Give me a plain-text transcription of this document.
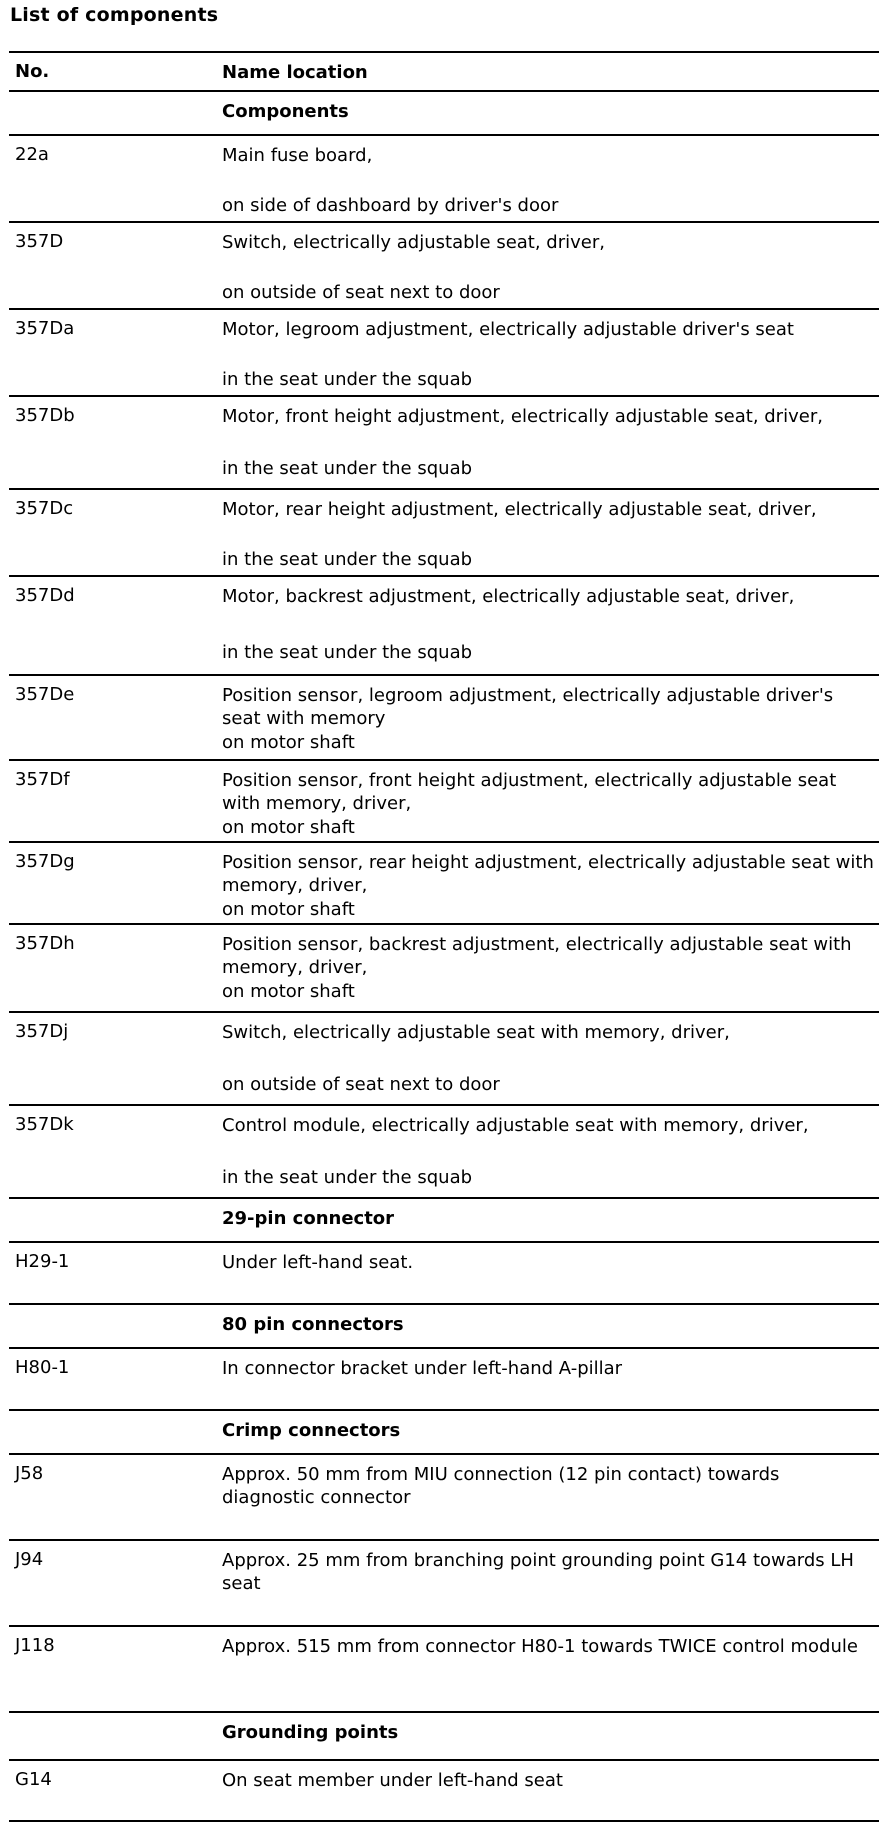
List of components
No.	Name location
Components
22a	Main fuse board,
on side of dashboard by driver's door
357D	Switch, electrically adjustable seat, driver,
on outside of seat next to door
357Da	Motor, legroom adjustment, electrically adjustable driver's seat
in the seat under the squab
357Db	Motor, front height adjustment, electrically adjustable seat, driver,
in the seat under the squab
357Dc	Motor, rear height adjustment, electrically adjustable seat, driver,
in the seat under the squab
357Dd	Motor, backrest adjustment, electrically adjustable seat, driver,
in the seat under the squab
357De	Position sensor, legroom adjustment, electrically adjustable driver's seat with memory
on motor shaft
357Df	Position sensor, front height adjustment, electrically adjustable seat with memory, driver,
on motor shaft
357Dg	Position sensor, rear height adjustment, electrically adjustable seat with memory, driver,
on motor shaft
357Dh	Position sensor, backrest adjustment, electrically adjustable seat with memory, driver,
on motor shaft
357Dj	Switch, electrically adjustable seat with memory, driver,
on outside of seat next to door
357Dk	Control module, electrically adjustable seat with memory, driver,
in the seat under the squab
29-pin connector
H29-1	Under left-hand seat.
80 pin connectors
H80-1	In connector bracket under left-hand A-pillar
Crimp connectors
J58	Approx. 50 mm from MIU connection (12 pin contact) towards diagnostic connector
J94	Approx. 25 mm from branching point grounding point G14 towards LH seat
J118	Approx. 515 mm from connector H80-1 towards TWICE control module
Grounding points
G14	On seat member under left-hand seat
